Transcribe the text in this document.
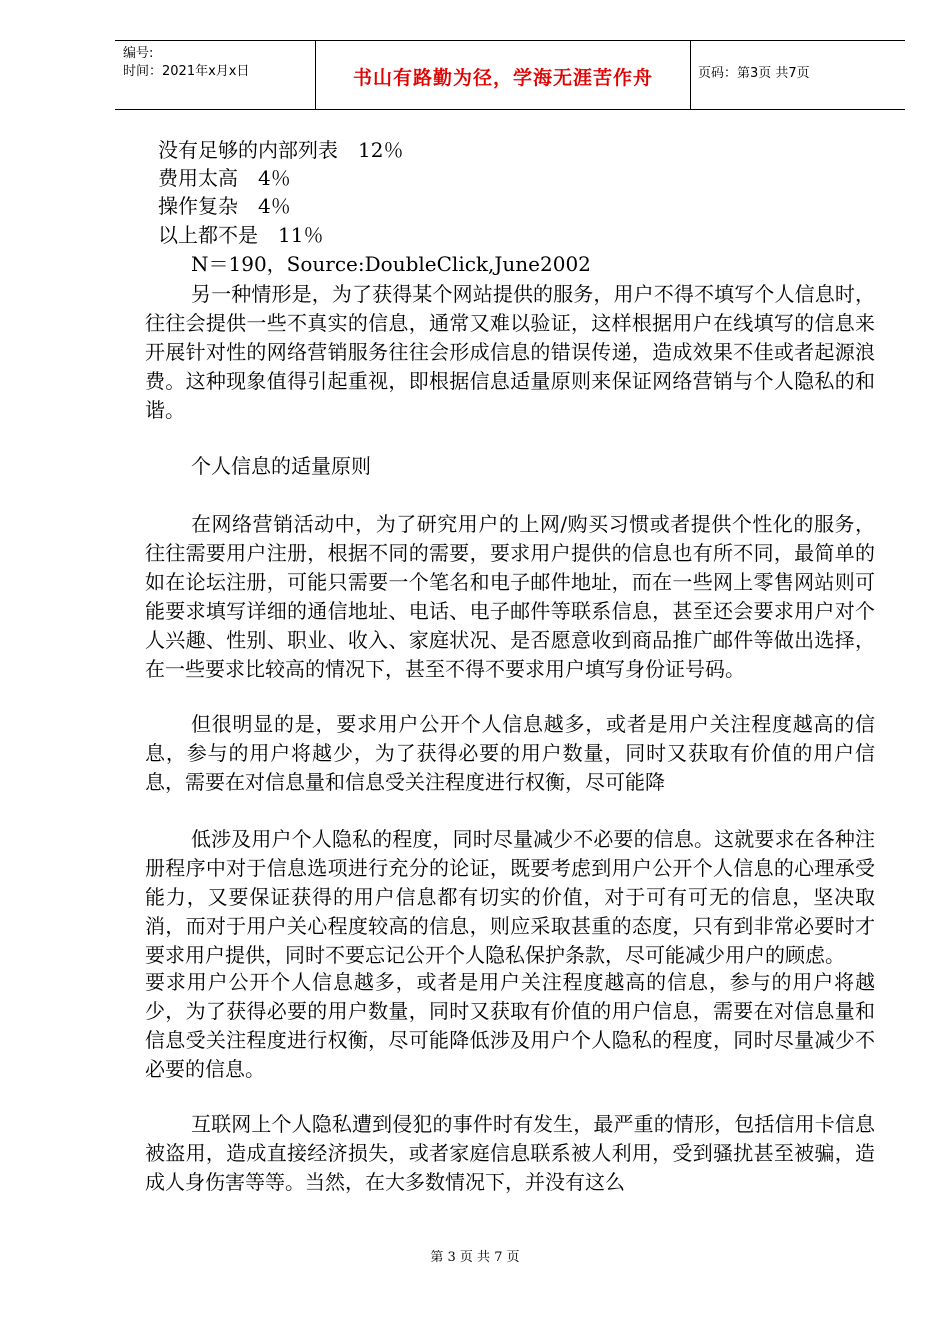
编号:
时间：2021年x月x日	书山有路勤为径，学海无涯苦作舟	页码：第3页 共7页
没有足够的内部列表　12％
费用太高　4％
操作复杂　4％
以上都不是　11％
N＝190，Source:DoubleClick,June2002
另一种情形是，为了获得某个网站提供的服务，用户不得不填写个人信息时，往往会提供一些不真实的信息，通常又难以验证，这样根据用户在线填写的信息来开展针对性的网络营销服务往往会形成信息的错误传递，造成效果不佳或者起源浪费。这种现象值得引起重视，即根据信息适量原则来保证网络营销与个人隐私的和谐。
个人信息的适量原则
在网络营销活动中，为了研究用户的上网/购买习惯或者提供个性化的服务，往往需要用户注册，根据不同的需要，要求用户提供的信息也有所不同，最简单的如在论坛注册，可能只需要一个笔名和电子邮件地址，而在一些网上零售网站则可能要求填写详细的通信地址、电话、电子邮件等联系信息，甚至还会要求用户对个人兴趣、性别、职业、收入、家庭状况、是否愿意收到商品推广邮件等做出选择，在一些要求比较高的情况下，甚至不得不要求用户填写身份证号码。
但很明显的是，要求用户公开个人信息越多，或者是用户关注程度越高的信息，参与的用户将越少，为了获得必要的用户数量，同时又获取有价值的用户信息，需要在对信息量和信息受关注程度进行权衡，尽可能降
低涉及用户个人隐私的程度，同时尽量减少不必要的信息。这就要求在各种注册程序中对于信息选项进行充分的论证，既要考虑到用户公开个人信息的心理承受能力，又要保证获得的用户信息都有切实的价值，对于可有可无的信息，坚决取消，而对于用户关心程度较高的信息，则应采取甚重的态度，只有到非常必要时才要求用户提供，同时不要忘记公开个人隐私保护条款，尽可能减少用户的顾虑。
要求用户公开个人信息越多，或者是用户关注程度越高的信息，参与的用户将越少，为了获得必要的用户数量，同时又获取有价值的用户信息，需要在对信息量和信息受关注程度进行权衡，尽可能降低涉及用户个人隐私的程度，同时尽量减少不必要的信息。
互联网上个人隐私遭到侵犯的事件时有发生，最严重的情形，包括信用卡信息被盗用，造成直接经济损失，或者家庭信息联系被人利用，受到骚扰甚至被骗，造成人身伤害等等。当然，在大多数情况下，并没有这么
第 3 页 共 7 页
